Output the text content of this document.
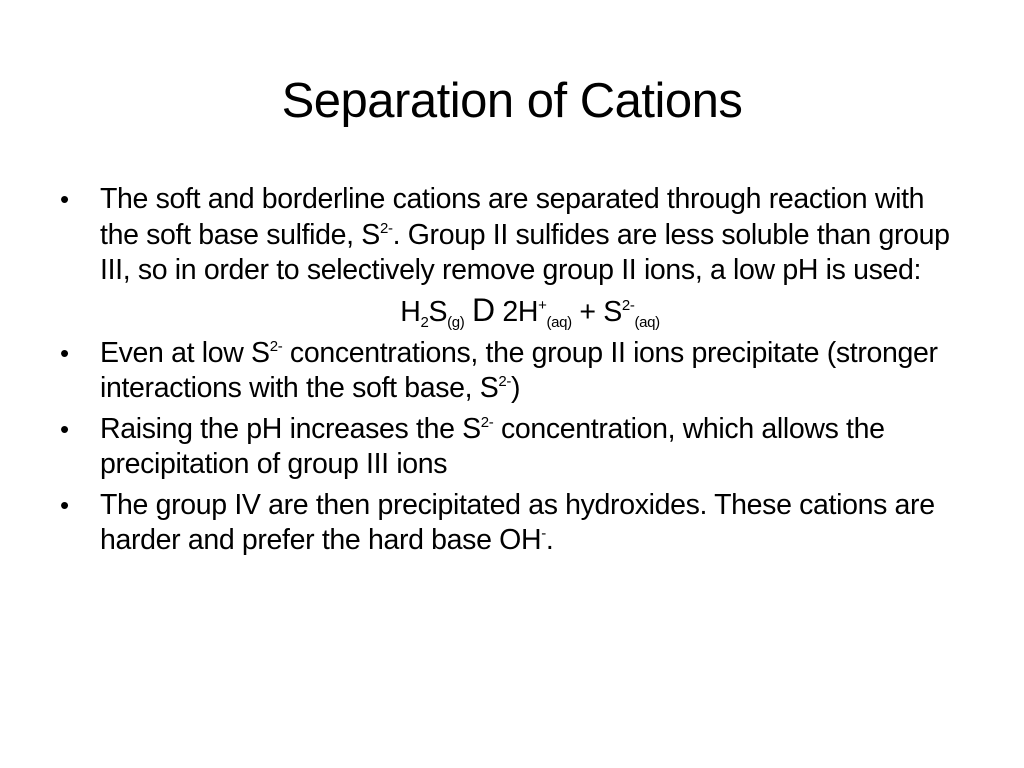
Separation of Cations

•	The soft and borderline cations are separated through reaction with the soft base sulfide, $S^{2-}$. Group II sulfides are less soluble than group III, so in order to selectively remove group II ions, a low pH is used:

$H_2S_{(g)}$ D $2H^+_{(aq)} + S^{2-}_{(aq)}$

•	Even at low $S^{2-}$ concentrations, the group II ions precipitate (stronger interactions with the soft base, $S^{2-}$)

•	Raising the pH increases the $S^{2-}$ concentration, which allows the precipitation of group III ions

•	The group IV are then precipitated as hydroxides. These cations are harder and prefer the hard base OH-.
